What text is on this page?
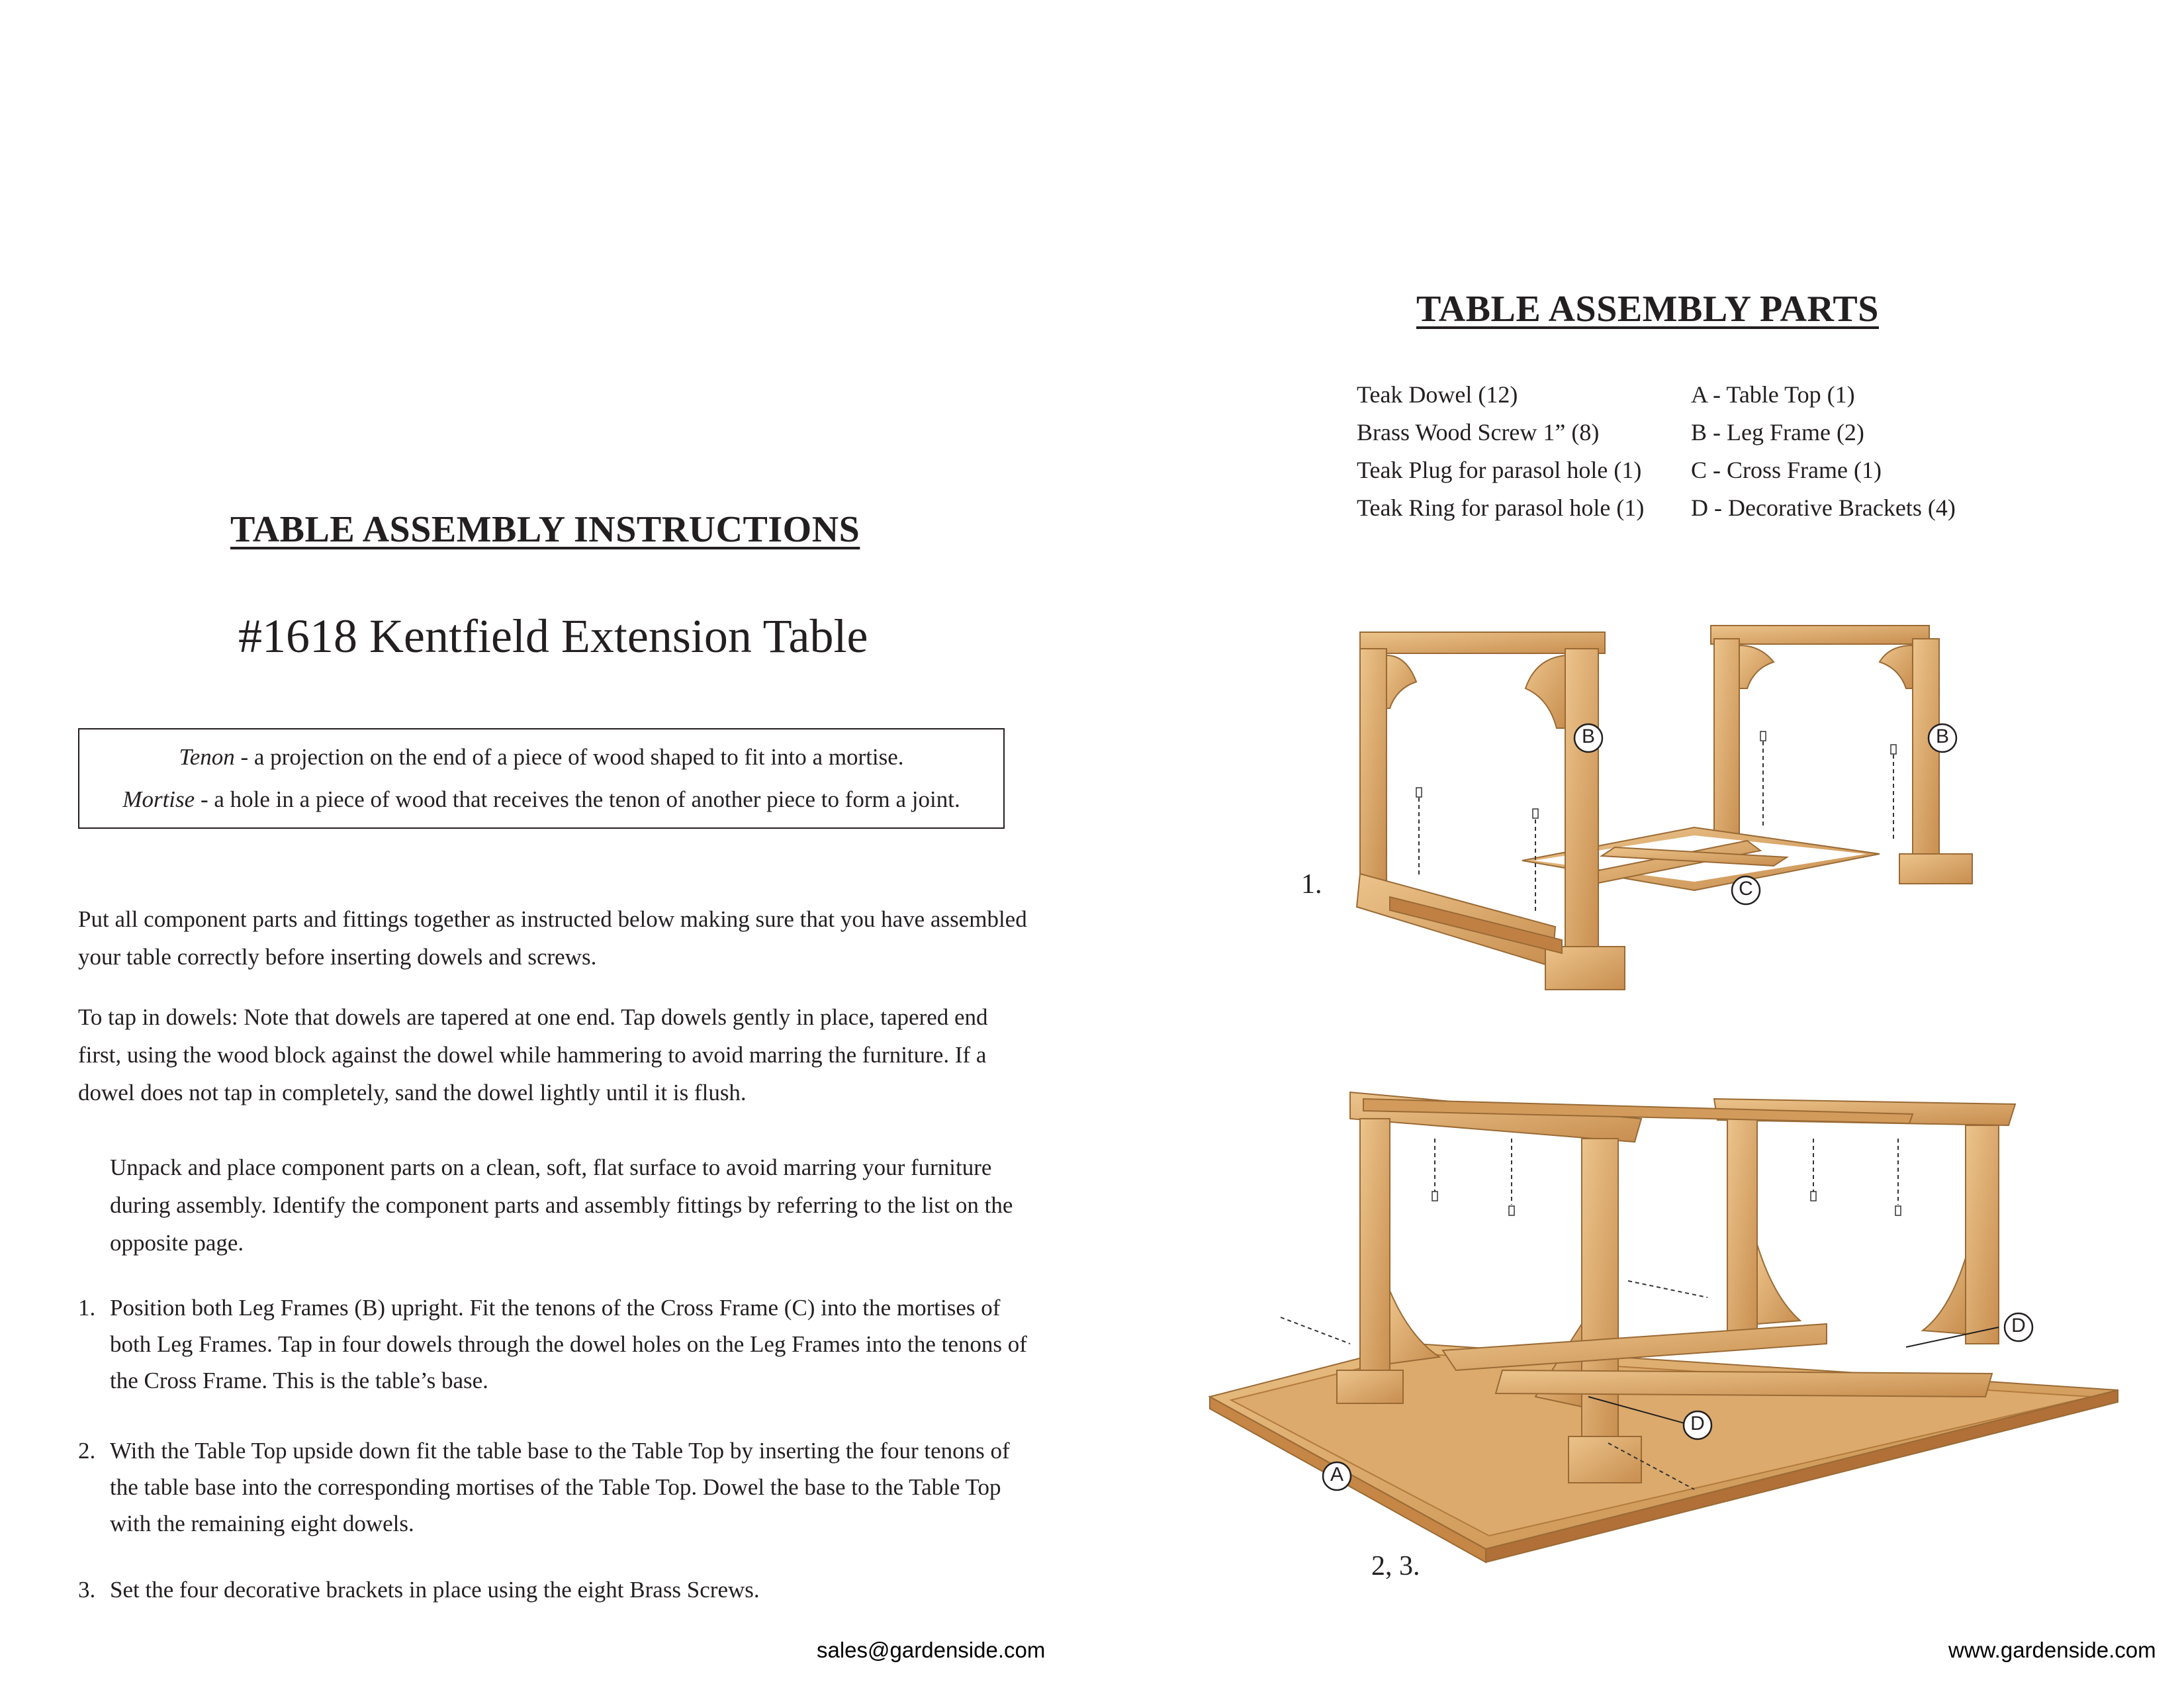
TABLE ASSEMBLY INSTRUCTIONS
#1618 Kentfield Extension Table
Tenon - a projection on the end of a piece of wood shaped to fit into a mortise.
Mortise - a hole in a piece of wood that receives the tenon of another piece to form a joint.
Put all component parts and fittings together as instructed below making sure that you have assembled your table correctly before inserting dowels and screws.
To tap in dowels: Note that dowels are tapered at one end. Tap dowels gently in place, tapered end first, using the wood block against the dowel while hammering to avoid marring the furniture. If a dowel does not tap in completely, sand the dowel lightly until it is flush.
Unpack and place component parts on a clean, soft, flat surface to avoid marring your furniture during assembly. Identify the component parts and assembly fittings by referring to the list on the opposite page.
1. Position both Leg Frames (B) upright. Fit the tenons of the Cross Frame (C) into the mortises of both Leg Frames. Tap in four dowels through the dowel holes on the Leg Frames into the tenons of the Cross Frame. This is the table’s base.
2. With the Table Top upside down fit the table base to the Table Top by inserting the four tenons of the table base into the corresponding mortises of the Table Top. Dowel the base to the Table Top with the remaining eight dowels.
3. Set the four decorative brackets in place using the eight Brass Screws.
sales@gardenside.com
TABLE ASSEMBLY PARTS
Teak Dowel (12)
Brass Wood Screw 1” (8)
Teak Plug for parasol hole (1)
Teak Ring for parasol hole (1)
A - Table Top (1)
B - Leg Frame (2)
C - Cross Frame (1)
D - Decorative Brackets (4)
1.
2, 3.
B	B
C
D
D
A
www.gardenside.com
